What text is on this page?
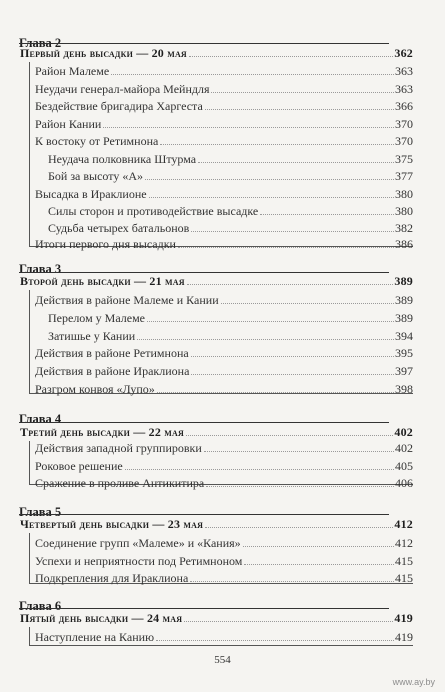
Глава 2
Первый день высадки — 20 мая	362
Район Малеме	363
Неудачи генерал-майора Мейндля	363
Бездействие бригадира Харгеста	366
Район Кании	370
К востоку от Ретимнона	370
Неудача полковника Штурма	375
Бой за высоту «А»	377
Высадка в Ираклионе	380
Силы сторон и противодействие высадке	380
Судьба четырех батальонов	382
Итоги первого дня высадки	386
Глава 3
Второй день высадки — 21 мая	389
Действия в районе Малеме и Кании	389
Перелом у Малеме	389
Затишье у Кании	394
Действия в районе Ретимнона	395
Действия в районе Ираклиона	397
Разгром конвоя «Лупо»	398
Глава 4
Третий день высадки — 22 мая	402
Действия западной группировки	402
Роковое решение	405
Сражение в проливе Антикитира	406
Глава 5
Четвертый день высадки — 23 мая	412
Соединение групп «Малеме» и «Кания»	412
Успехи и неприятности под Ретимноном	415
Подкрепления для Ираклиона	415
Глава 6
Пятый день высадки — 24 мая	419
Наступление на Канию	419
554
www.ay.by
